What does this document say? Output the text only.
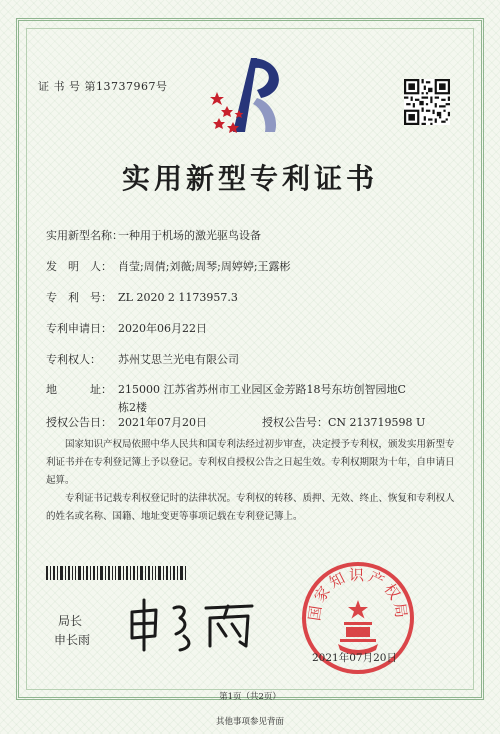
证 书 号 第13737967号
实用新型专利证书
实用新型名称：一种用于机场的激光驱鸟设备
发　明　人： 肖莹;周倩;刘薇;周琴;周婷婷;王露彬
专　利　号： ZL 2020 2 1173957.3
专利申请日： 2020年06月22日
专利权人： 苏州艾思兰光电有限公司
地　　　址： 215000 江苏省苏州市工业园区金芳路18号东坊创智园地C
栋2楼
授权公告日： 2021年07月20日	授权公告号：CN 213719598 U
国家知识产权局依照中华人民共和国专利法经过初步审查，决定授予专利权，颁发实用新型专利证书并在专利登记簿上予以登记。专利权自授权公告之日起生效。专利权期限为十年，自申请日起算。
专利证书记载专利权登记时的法律状况。专利权的转移、质押、无效、终止、恢复和专利权人的姓名或名称、国籍、地址变更等事项记载在专利登记簿上。
局长
申长雨
国家知识产权局
2021年07月20日
第1页（共2页）
其他事项参见背面
